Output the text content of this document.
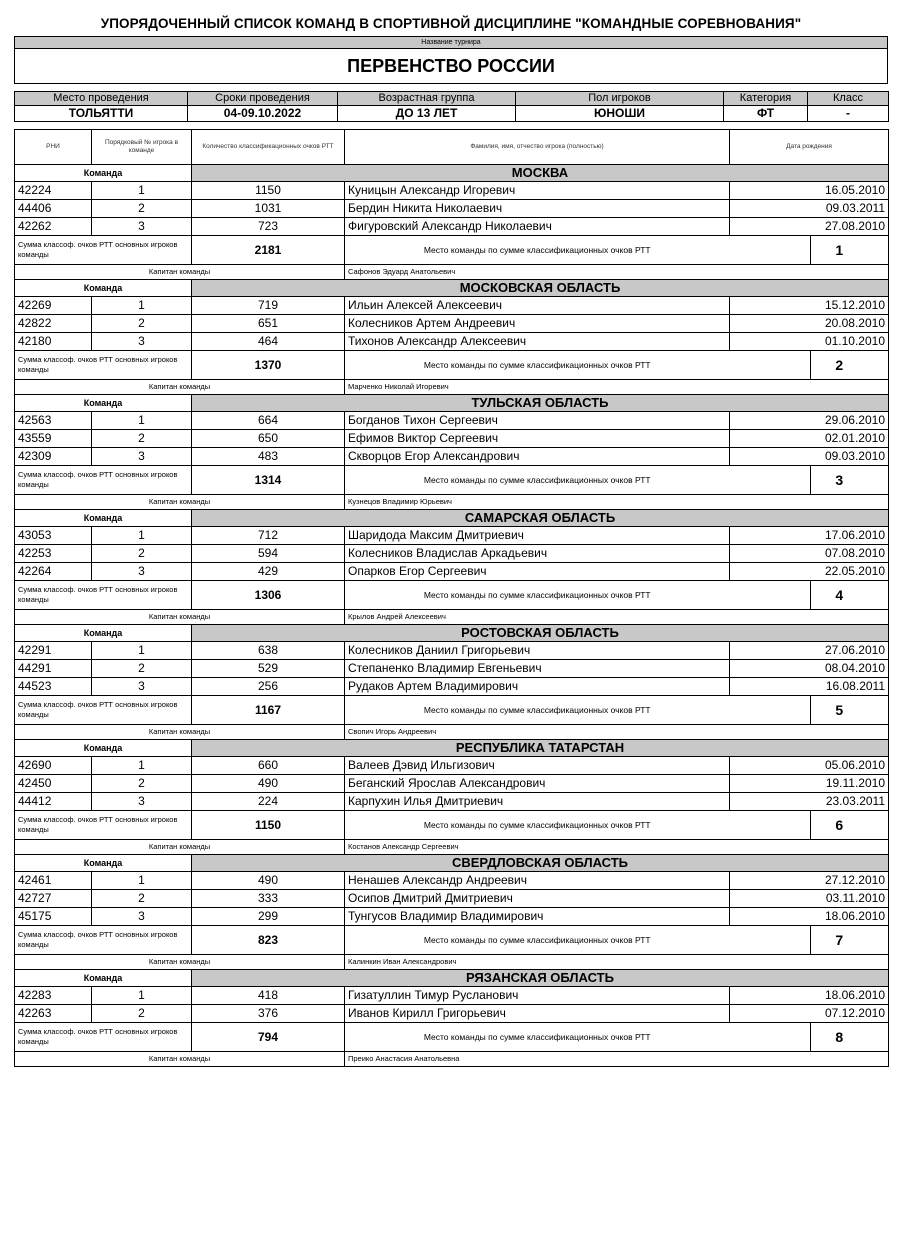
УПОРЯДОЧЕННЫЙ СПИСОК КОМАНД В СПОРТИВНОЙ ДИСЦИПЛИНЕ "КОМАНДНЫЕ СОРЕВНОВАНИЯ"
Название турнира
ПЕРВЕНСТВО РОССИИ
Место проведения	Сроки проведения	Возрастная группа	Пол игроков	Категория	Класс
ТОЛЬЯТТИ	04-09.10.2022	ДО 13 ЛЕТ	ЮНОШИ	ФТ	-
РНИ	Порядковый № игрока в команде	Количество классификационных очков РТТ	Фамилия, имя, отчество игрока (полностью)	Дата рождения
Команда		МОСКВА		
42224	1	1150	Куницын Александр Игоревич	16.05.2010
44406	2	1031	Бердин Никита Николаевич	09.03.2011
42262	3	723	Фигуровский Александр Николаевич	27.08.2010
Сумма классоф. очков РТТ основных игроков команды		2181	Место команды по сумме классификационных очков РТТ	1
Капитан команды			Сафонов Эдуард Анатольевич	
Команда		МОСКОВСКАЯ ОБЛАСТЬ		
42269	1	719	Ильин Алексей Алексеевич	15.12.2010
42822	2	651	Колесников Артем Андреевич	20.08.2010
42180	3	464	Тихонов Александр Алексеевич	01.10.2010
Сумма классоф. очков РТТ основных игроков команды		1370	Место команды по сумме классификационных очков РТТ	2
Капитан команды			Марченко Николай Игоревич	
Команда		ТУЛЬСКАЯ ОБЛАСТЬ		
42563	1	664	Богданов Тихон Сергеевич	29.06.2010
43559	2	650	Ефимов Виктор Сергеевич	02.01.2010
42309	3	483	Скворцов Егор Александрович	09.03.2010
Сумма классоф. очков РТТ основных игроков команды		1314	Место команды по сумме классификационных очков РТТ	3
Капитан команды			Кузнецов Владимир Юрьевич	
Команда		САМАРСКАЯ ОБЛАСТЬ		
43053	1	712	Шаридода Максим Дмитриевич	17.06.2010
42253	2	594	Колесников Владислав Аркадьевич	07.08.2010
42264	3	429	Опарков Егор Сергеевич	22.05.2010
Сумма классоф. очков РТТ основных игроков команды		1306	Место команды по сумме классификационных очков РТТ	4
Капитан команды			Крылов Андрей Алексеевич	
Команда		РОСТОВСКАЯ ОБЛАСТЬ		
42291	1	638	Колесников Даниил Григорьевич	27.06.2010
44291	2	529	Степаненко Владимир Евгеньевич	08.04.2010
44523	3	256	Рудаков Артем Владимирович	16.08.2011
Сумма классоф. очков РТТ основных игроков команды		1167	Место команды по сумме классификационных очков РТТ	5
Капитан команды			Свопич Игорь Андреевич	
Команда		РЕСПУБЛИКА ТАТАРСТАН		
42690	1	660	Валеев Дэвид Ильгизович	05.06.2010
42450	2	490	Беганский Ярослав Александрович	19.11.2010
44412	3	224	Карпухин Илья Дмитриевич	23.03.2011
Сумма классоф. очков РТТ основных игроков команды		1150	Место команды по сумме классификационных очков РТТ	6
Капитан команды			Костанов Александр Сергеевич	
Команда		СВЕРДЛОВСКАЯ ОБЛАСТЬ		
42461	1	490	Ненашев Александр Андреевич	27.12.2010
42727	2	333	Осипов Дмитрий Дмитриевич	03.11.2010
45175	3	299	Тунгусов Владимир Владимирович	18.06.2010
Сумма классоф. очков РТТ основных игроков команды		823	Место команды по сумме классификационных очков РТТ	7
Капитан команды			Калинкин Иван Александрович	
Команда		РЯЗАНСКАЯ ОБЛАСТЬ		
42283	1	418	Гизатуллин Тимур Русланович	18.06.2010
42263	2	376	Иванов Кирилл Григорьевич	07.12.2010
Сумма классоф. очков РТТ основных игроков команды		794	Место команды по сумме классификационных очков РТТ	8
Капитан команды			Преико Анастасия Анатольевна	
